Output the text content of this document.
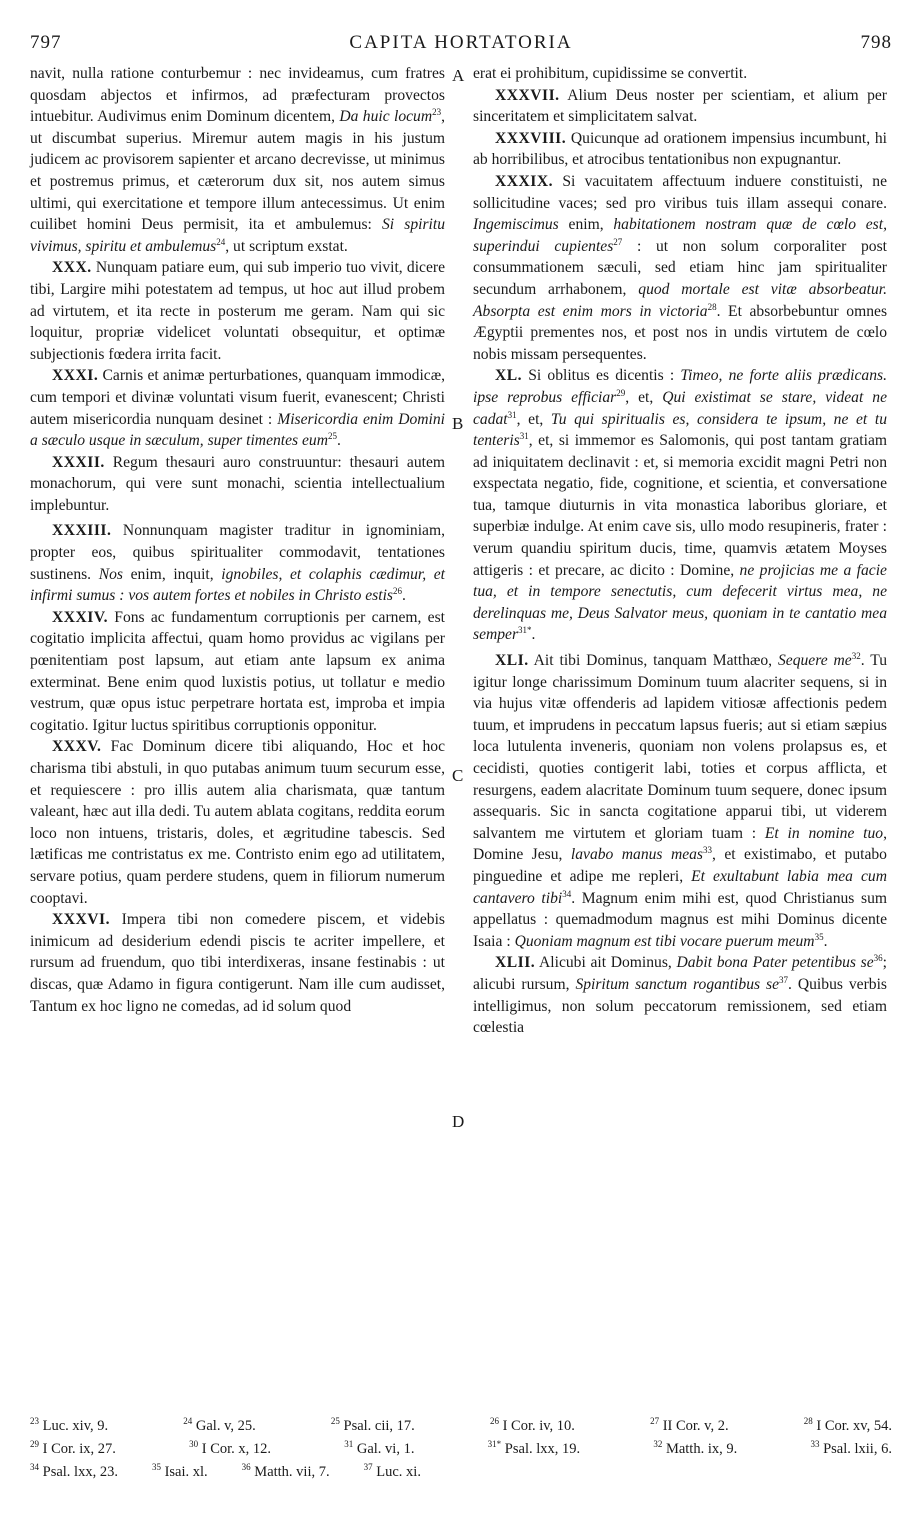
797	CAPITA HORTATORIA	798
A
B
C
D

navit, nulla ratione conturbemur : nec invideamus, cum fratres quosdam abjectos et infirmos, ad præfecturam provectos intuebitur. Audivimus enim Dominum dicentem, Da huic locum$^{23}$, ut discumbat superius. Miremur autem magis in his justum judicem ac provisorem sapienter et arcano decrevisse, ut minimus et postremus primus, et cæterorum dux sit, nos autem simus ultimi, qui exercitatione et tempore illum antecessimus. Ut enim cuilibet homini Deus permisit, ita et ambulemus: Si spiritu vivimus, spiritu et ambulemus$^{24}$, ut scriptum exstat.

XXX. Nunquam patiare eum, qui sub imperio tuo vivit, dicere tibi, Largire mihi potestatem ad tempus, ut hoc aut illud probem ad virtutem, et ita recte in posterum me geram. Nam qui sic loquitur, propriæ videlicet voluntati obsequitur, et optimæ subjectionis fœdera irrita facit.

XXXI. Carnis et animæ perturbationes, quanquam immodicæ, cum tempori et divinæ voluntati visum fuerit, evanescent; Christi autem misericordia nunquam desinet : Misericordia enim Domini a sæculo usque in sæculum, super timentes eum$^{25}$.

XXXII. Regum thesauri auro construuntur: thesauri autem monachorum, qui vere sunt monachi, scientia intellectualium implebuntur.

XXXIII. Nonnunquam magister traditur in ignominiam, propter eos, quibus spiritualiter commodavit, tentationes sustinens. Nos enim, inquit, ignobiles, et colaphis cædimur, et infirmi sumus : vos autem fortes et nobiles in Christo estis$^{26}$.

XXXIV. Fons ac fundamentum corruptionis per carnem, est cogitatio implicita affectui, quam homo providus ac vigilans per pœnitentiam post lapsum, aut etiam ante lapsum ex anima exterminat. Bene enim quod luxistis potius, ut tollatur e medio vestrum, quæ opus istuc perpetrare hortata est, improba et impia cogitatio. Igitur luctus spiritibus corruptionis opponitur.

XXXV. Fac Dominum dicere tibi aliquando, Hoc et hoc charisma tibi abstuli, in quo putabas animum tuum securum esse, et requiescere : pro illis autem alia charismata, quæ tantum valeant, hæc aut illa dedi. Tu autem ablata cogitans, reddita eorum loco non intuens, tristaris, doles, et ægritudine tabescis. Sed lætificas me contristatus ex me. Contristo enim ego ad utilitatem, servare potius, quam perdere studens, quem in filiorum numerum cooptavi.

XXXVI. Impera tibi non comedere piscem, et videbis inimicum ad desiderium edendi piscis te acriter impellere, et rursum ad fruendum, quo tibi interdixeras, insane festinabis : ut discas, quæ Adamo in figura contigerunt. Nam ille cum audisset, Tantum ex hoc ligno ne comedas, ad id solum quod

erat ei prohibitum, cupidissime se convertit.

XXXVII. Alium Deus noster per scientiam, et alium per sinceritatem et simplicitatem salvat.

XXXVIII. Quicunque ad orationem impensius incumbunt, hi ab horribilibus, et atrocibus tentationibus non expugnantur.

XXXIX. Si vacuitatem affectuum induere constituisti, ne sollicitudine vaces; sed pro viribus tuis illam assequi conare. Ingemiscimus enim, habitationem nostram quæ de cœlo est, superindui cupientes$^{27}$ : ut non solum corporaliter post consummationem sæculi, sed etiam hinc jam spiritualiter secundum arrhabonem, quod mortale est vitæ absorbeatur. Absorpta est enim mors in victoria$^{28}$. Et absorbebuntur omnes Ægyptii prementes nos, et post nos in undis virtutem de cœlo nobis missam persequentes.

XL. Si oblitus es dicentis : Timeo, ne forte aliis prædicans. ipse reprobus efficiar$^{29}$, et, Qui existimat se stare, videat ne cadat$^{31}$, et, Tu qui spiritualis es, considera te ipsum, ne et tu tenteris$^{31}$, et, si immemor es Salomonis, qui post tantam gratiam ad iniquitatem declinavit : et, si memoria excidit magni Petri non exspectata negatio, fide, cognitione, et scientia, et conversatione tua, tamque diuturnis in vita monastica laboribus gloriare, et superbiæ indulge. At enim cave sis, ullo modo resupineris, frater : verum quandiu spiritum ducis, time, quamvis ætatem Moyses attigeris : et precare, ac dicito : Domine, ne projicias me a facie tua, et in tempore senectutis, cum defecerit virtus mea, ne derelinquas me, Deus Salvator meus, quoniam in te cantatio mea semper$^{31*}$.

XLI. Ait tibi Dominus, tanquam Matthæo, Sequere me$^{32}$. Tu igitur longe charissimum Dominum tuum alacriter sequens, si in via hujus vitæ offenderis ad lapidem vitiosæ affectionis pedem tuum, et imprudens in peccatum lapsus fueris; aut si etiam sæpius loca lutulenta inveneris, quoniam non volens prolapsus es, et cecidisti, quoties contigerit labi, toties et corpus afflicta, et resurgens, eadem alacritate Dominum tuum sequere, donec ipsum assequaris. Sic in sancta cogitatione apparui tibi, ut viderem salvantem me virtutem et gloriam tuam : Et in nomine tuo, Domine Jesu, lavabo manus meas$^{33}$, et existimabo, et putabo pinguedine et adipe me repleri, Et exultabunt labia mea cum cantavero tibi$^{34}$. Magnum enim mihi est, quod Christianus sum appellatus : quemadmodum magnus est mihi Dominus dicente Isaia : Quoniam magnum est tibi vocare puerum meum$^{35}$.

XLII. Alicubi ait Dominus, Dabit bona Pater petentibus se$^{36}$; alicubi rursum, Spiritum sanctum rogantibus se$^{37}$. Quibus verbis intelligimus, non solum peccatorum remissionem, sed etiam cœlestia

$^{23}$ Luc. xiv, 9.	$^{24}$ Gal. v, 25.	$^{25}$ Psal. cii, 17.	$^{26}$ I Cor. iv, 10.	$^{27}$ II Cor. v, 2.	$^{28}$ I Cor. xv, 54.
$^{29}$ I Cor. ix, 27.	$^{30}$ I Cor. x, 12.	$^{31}$ Gal. vi, 1.	$^{31*}$ Psal. lxx, 19.	$^{32}$ Matth. ix, 9.	$^{33}$ Psal. lxii, 6.
$^{34}$ Psal. lxx, 23.	$^{35}$ Isai. xl.	$^{36}$ Matth. vii, 7.	$^{37}$ Luc. xi.
